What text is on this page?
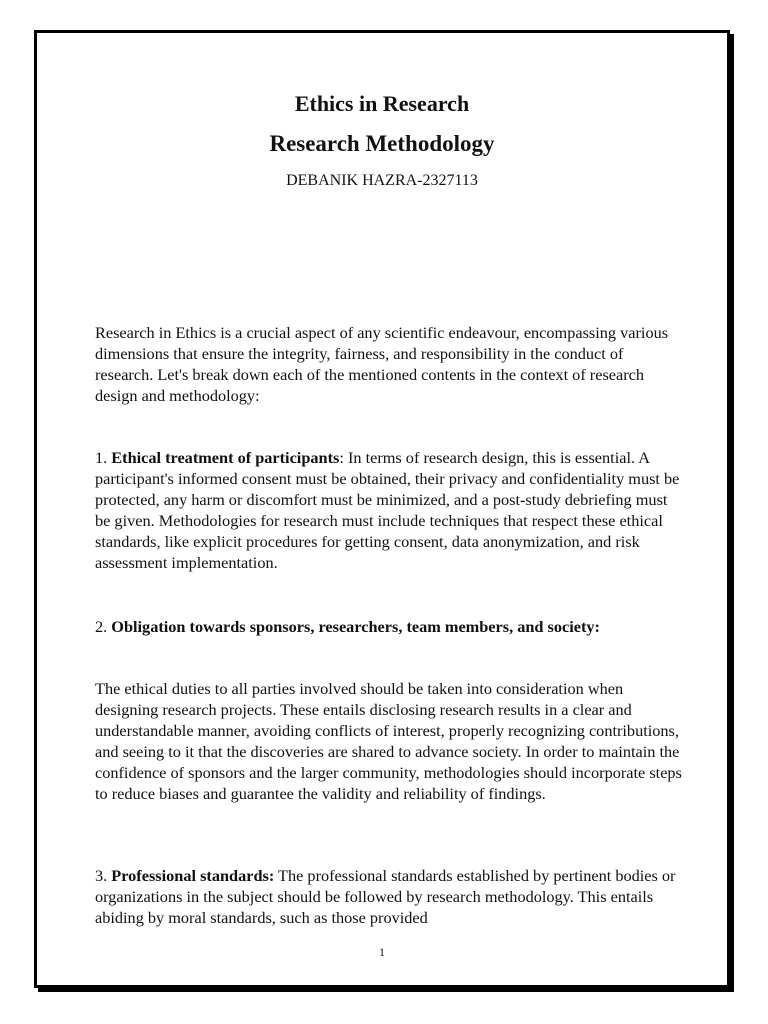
Ethics in Research
Research Methodology

DEBANIK HAZRA-2327113

Research in Ethics is a crucial aspect of any scientific endeavour, encompassing various dimensions that ensure the integrity, fairness, and responsibility in the conduct of research. Let's break down each of the mentioned contents in the context of research design and methodology:

1. Ethical treatment of participants: In terms of research design, this is essential. A participant's informed consent must be obtained, their privacy and confidentiality must be protected, any harm or discomfort must be minimized, and a post-study debriefing must be given. Methodologies for research must include techniques that respect these ethical standards, like explicit procedures for getting consent, data anonymization, and risk assessment implementation.

2. Obligation towards sponsors, researchers, team members, and society:

The ethical duties to all parties involved should be taken into consideration when designing research projects. These entails disclosing research results in a clear and understandable manner, avoiding conflicts of interest, properly recognizing contributions, and seeing to it that the discoveries are shared to advance society. In order to maintain the confidence of sponsors and the larger community, methodologies should incorporate steps to reduce biases and guarantee the validity and reliability of findings.

3. Professional standards: The professional standards established by pertinent bodies or organizations in the subject should be followed by research methodology. This entails abiding by moral standards, such as those provided

1
